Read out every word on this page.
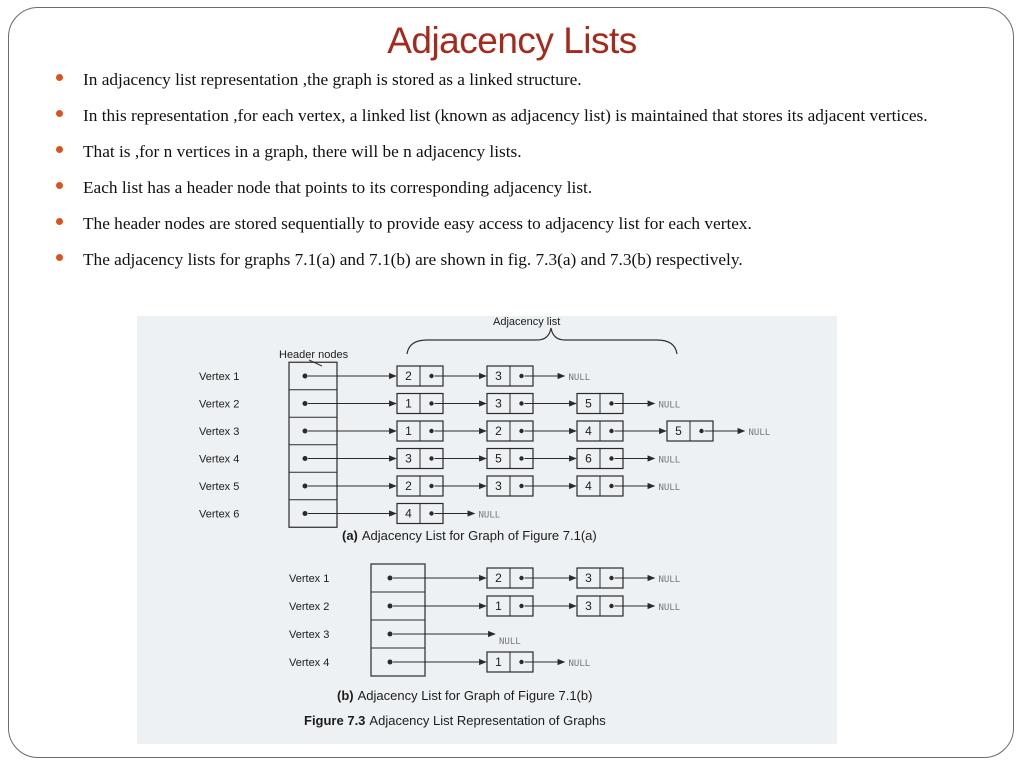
Adjacency Lists
In adjacency list representation ,the graph is stored as a linked structure.
In this representation ,for each vertex, a linked list (known as adjacency list) is maintained that stores its adjacent vertices.
That is ,for n vertices in a graph, there will be n adjacency lists.
Each list has a header node that points to its corresponding adjacency list.
The header nodes are stored sequentially to provide easy access to adjacency list for each vertex.
The adjacency lists for graphs 7.1(a) and 7.1(b) are shown in fig. 7.3(a) and 7.3(b) respectively.
Adjacency list
Header nodes
Vertex 1	2	3	NULL
Vertex 2	1	3	5	NULL
Vertex 3	1	2	4	5	NULL
Vertex 4	3	5	6	NULL
Vertex 5	2	3	4	NULL
Vertex 6	4	NULL
(a) Adjacency List for Graph of Figure 7.1(a)
Vertex 1	2	3	NULL
Vertex 2	1	3	NULL
Vertex 3
NULL
Vertex 4	1	NULL
(b) Adjacency List for Graph of Figure 7.1(b)
Figure 7.3 Adjacency List Representation of Graphs
